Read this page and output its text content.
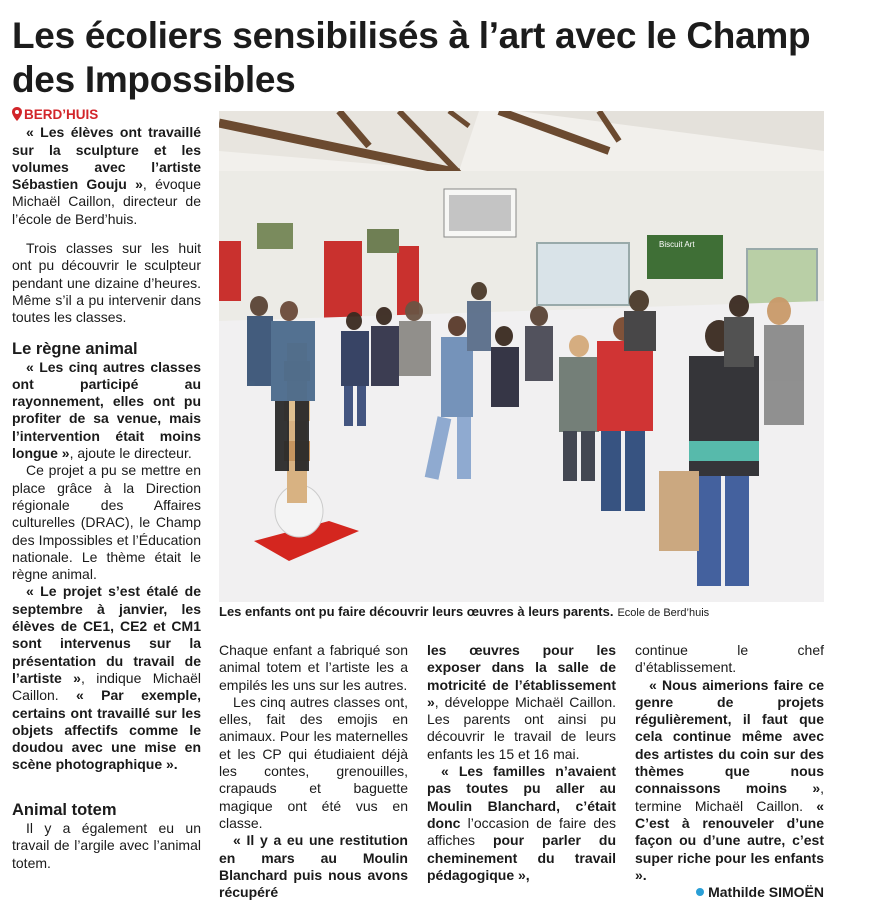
Les écoliers sensibilisés à l’art avec le Champ des Impossibles

BERD’HUIS

« Les élèves ont travaillé sur la sculpture et les volumes avec l’artiste Sébastien Gouju », évoque Michaël Caillon, directeur de l’école de Berd’huis.

Trois classes sur les huit ont pu découvrir le sculpteur pendant une dizaine d’heures. Même s’il a pu intervenir dans toutes les classes.

Le règne animal

« Les cinq autres classes ont participé au rayonnement, elles ont pu profiter de sa venue, mais l’intervention était moins longue », ajoute le directeur.

Ce projet a pu se mettre en place grâce à la Direction régionale des Affaires culturelles (DRAC), le Champ des Impossibles et l’Éducation nationale. Le thème était le règne animal.

« Le projet s’est étalé de septembre à janvier, les élèves de CE1, CE2 et CM1 sont intervenus sur la présentation du travail de l’artiste », indique Michaël Caillon. « Par exemple, certains ont travaillé sur les objets affectifs comme le doudou avec une mise en scène photographique ».

Animal totem

Il y a également eu un travail de l’argile avec l’animal totem.

Biscuit Art
Les enfants ont pu faire découvrir leurs œuvres à leurs parents. Ecole de Berd’huis

Chaque enfant a fabriqué son animal totem et l’artiste les a empilés les uns sur les autres.

Les cinq autres classes ont, elles, fait des emojis en animaux. Pour les maternelles et les CP qui étudiaient déjà les contes, grenouilles, crapauds et baguette magique ont été vus en classe.

« Il y a eu une restitution en mars au Moulin Blanchard puis nous avons récupéré

les œuvres pour les exposer dans la salle de motricité de l’établissement », développe Michaël Caillon. Les parents ont ainsi pu découvrir le travail de leurs enfants les 15 et 16 mai.

« Les familles n’avaient pas toutes pu aller au Moulin Blanchard, c’était donc l’occasion de faire des affiches pour parler du cheminement du travail pédagogique »,

continue le chef d’établissement.

« Nous aimerions faire ce genre de projets régulièrement, il faut que cela continue même avec des artistes du coin sur des thèmes que nous connaissons moins », termine Michaël Caillon. « C’est à renouveler d’une façon ou d’une autre, c’est super riche pour les enfants ».

Mathilde SIMOËN
